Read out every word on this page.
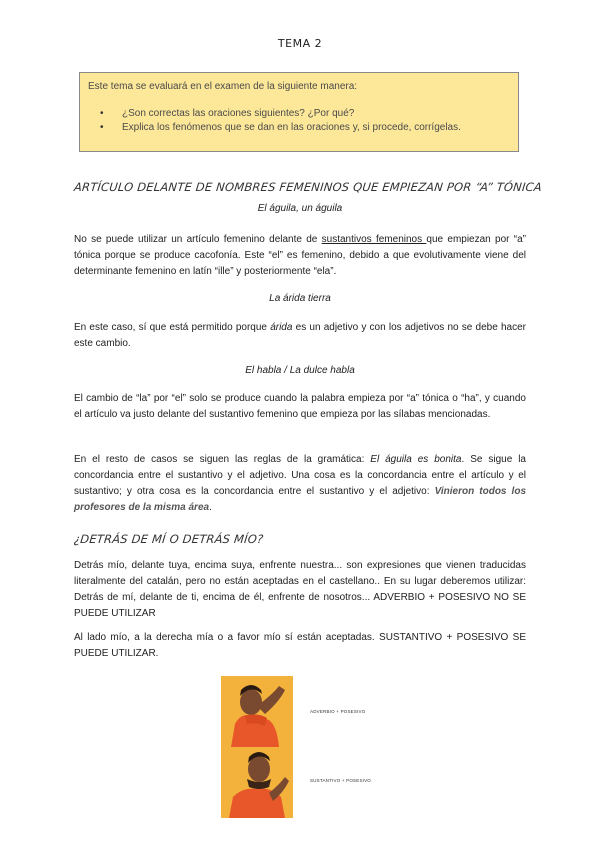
TEMA 2
Este tema se evaluará en el examen de la siguiente manera:
• ¿Son correctas las oraciones siguientes? ¿Por qué?
• Explica los fenómenos que se dan en las oraciones y, si procede, corrígelas.
ARTÍCULO DELANTE DE NOMBRES FEMENINOS QUE EMPIEZAN POR “A” TÓNICA
El águila, un águila
No se puede utilizar un artículo femenino delante de sustantivos femeninos que empiezan por “a” tónica porque se produce cacofonía. Este “el” es femenino, debido a que evolutivamente viene del determinante femenino en latín “ille” y posteriormente “ela”.
La árida tierra
En este caso, sí que está permitido porque árida es un adjetivo y con los adjetivos no se debe hacer este cambio.
El habla / La dulce habla
El cambio de “la” por “el” solo se produce cuando la palabra empieza por “a” tónica o “ha”, y cuando el artículo va justo delante del sustantivo femenino que empieza por las sílabas mencionadas.
En el resto de casos se siguen las reglas de la gramática: El águila es bonita. Se sigue la concordancia entre el sustantivo y el adjetivo. Una cosa es la concordancia entre el artículo y el sustantivo; y otra cosa es la concordancia entre el sustantivo y el adjetivo: Vinieron todos los profesores de la misma área.
¿DETRÁS DE MÍ O DETRÁS MÍO?
Detrás mío, delante tuya, encima suya, enfrente nuestra... son expresiones que vienen traducidas literalmente del catalán, pero no están aceptadas en el castellano.. En su lugar deberemos utilizar: Detrás de mí, delante de ti, encima de él, enfrente de nosotros... ADVERBIO + POSESIVO NO SE PUEDE UTILIZAR
Al lado mío, a la derecha mía o a favor mío sí están aceptadas. SUSTANTIVO + POSESIVO SE PUEDE UTILIZAR.
ADVERBIO + POSESIVO
SUSTANTIVO + POSESIVO
